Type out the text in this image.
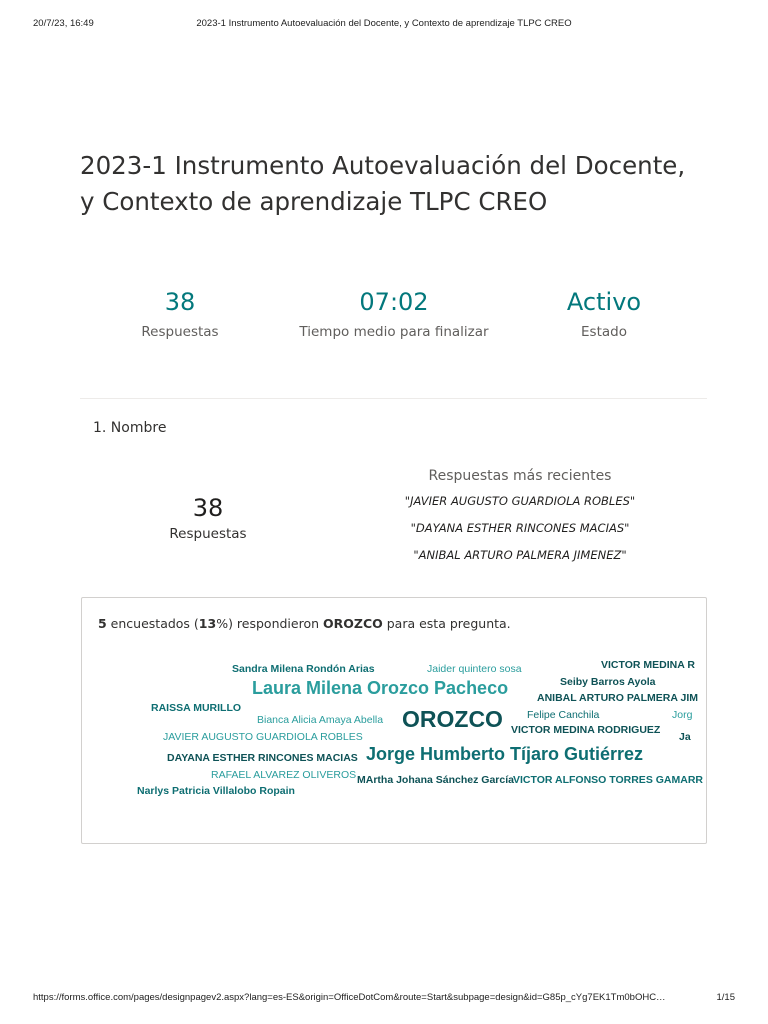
20/7/23, 16:49	2023-1 Instrumento Autoevaluación del Docente, y Contexto de aprendizaje TLPC CREO
2023-1 Instrumento Autoevaluación del Docente, y Contexto de aprendizaje TLPC CREO
38
Respuestas
07:02
Tiempo medio para finalizar
Activo
Estado
1. Nombre
38
Respuestas
Respuestas más recientes
"JAVIER AUGUSTO GUARDIOLA ROBLES"
"DAYANA ESTHER RINCONES MACIAS"
"ANIBAL ARTURO PALMERA JIMENEZ"
5 encuestados (13%) respondieron OROZCO para esta pregunta.
Sandra Milena Rondón Arias	Jaider quintero sosa	VICTOR MEDINA R
Seiby Barros Ayola
Laura Milena Orozco Pacheco	ANIBAL ARTURO PALMERA JIM
RAISSA MURILLO
Bianca Alicia Amaya Abella OROZCO Felipe Canchila	Jorg
VICTOR MEDINA RODRIGUEZ
JAVIER AUGUSTO GUARDIOLA ROBLES	Ja
DAYANA ESTHER RINCONES MACIAS Jorge Humberto Tíjaro Gutiérrez
RAFAEL ALVAREZ OLIVEROS MArtha Johana Sánchez García VICTOR ALFONSO TORRES GAMARR
Narlys Patricia Villalobo Ropain
https://forms.office.com/pages/designpagev2.aspx?lang=es-ES&origin=OfficeDotCom&route=Start&subpage=design&id=G85p_cYg7EK1Tm0bOHC…	1/15
